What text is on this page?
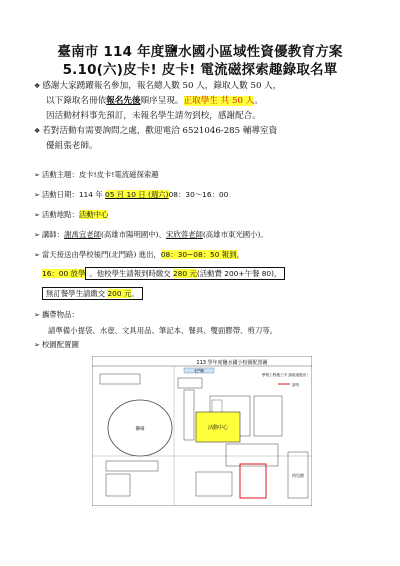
臺南市 114 年度鹽水國小區域性資優教育方案
5.10(六)皮卡! 皮卡! 電流磁探索趣錄取名單
❖ 感謝大家踴躍報名參加，報名總人數 50 人，錄取人數 50 人，
以下錄取名冊依報名先後順序呈現。正取學生 共 50 人。
因活動材料事先預訂，未報名學生請勿到校，感謝配合。
❖ 若對活動有需要詢問之處，歡迎電洽 6521046-285 輔導室資
優組張老師。
➢ 活動主題：皮卡!皮卡!電流磁探索趣
➢ 活動日期：114 年 05 月 10 日 (週六)08：30～16：00
➢ 活動地點：活動中心
➢ 講師：謝禹宜老師(高雄市陽明國中)、宋欣蓉老師(高雄市東光國小)。
➢ 當天接送由學校後門(北門路) 進出，08：30~08：50 報到，
16：00 放學 。他校學生請報到時繳交 280 元(活動費 200+午餐 80)，
無訂餐學生請繳交 200 元。
➢ 攜帶物品：
請準備小提袋、水壺、文具用品、筆記本、餐具、雙面膠帶、剪刀等。
➢ 校園配置圖
113 學年度鹽水國小校園配置圖
操場	活動中心
幼兒園
北門路
學校工程施工中 請改道進出！
請勿
